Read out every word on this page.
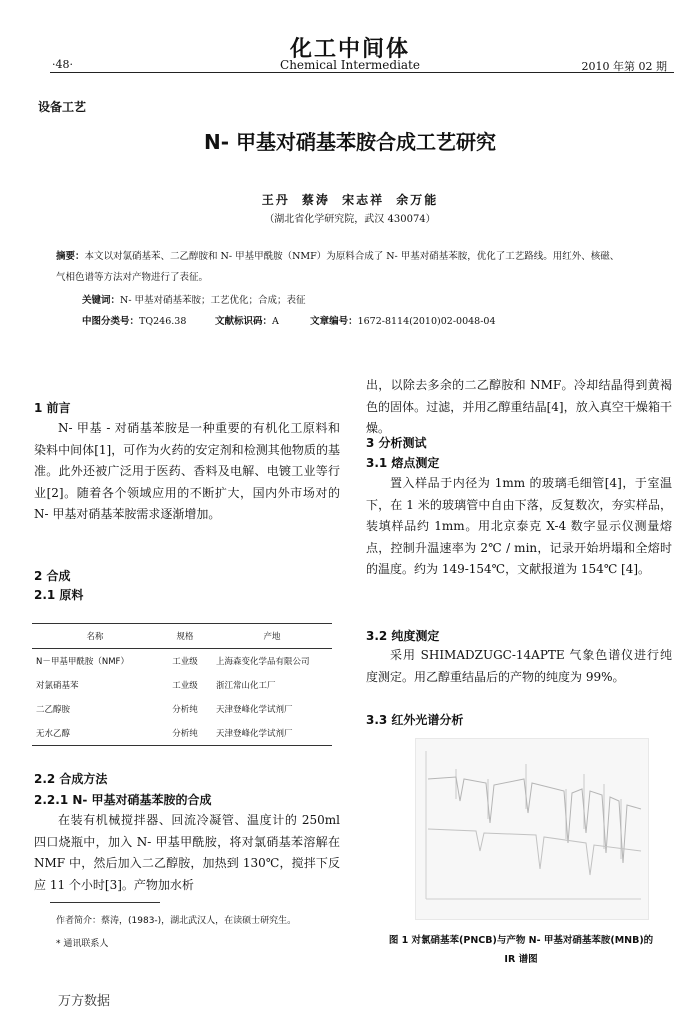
化工中间体
·48·	Chemical Intermediate	2010 年第 02 期
设备工艺
N- 甲基对硝基苯胺合成工艺研究
王丹 蔡涛 宋志祥 余万能
（湖北省化学研究院，武汉 430074）
摘要：本文以对氯硝基苯、二乙醇胺和 N- 甲基甲酰胺（NMF）为原料合成了 N- 甲基对硝基苯胺，优化了工艺路线。用红外、核磁、
气相色谱等方法对产物进行了表征。
关键词：N- 甲基对硝基苯胺；工艺优化；合成；表征
中图分类号：TQ246.38	文献标识码：A	文章编号：1672-8114(2010)02-0048-04
1 前言
N- 甲基 - 对硝基苯胺是一种重要的有机化工原料和染料中间体[1]，可作为火药的安定剂和检测其他物质的基准。此外还被广泛用于医药、香料及电解、电镀工业等行业[2]。随着各个领域应用的不断扩大，国内外市场对的 N- 甲基对硝基苯胺需求逐渐增加。
2 合成
2.1 原料
名称	规格	产地
N－甲基甲酰胺（NMF）	工业级	上海森变化学品有限公司
对氯硝基苯	工业级	浙江常山化工厂
二乙醇胺	分析纯	天津登峰化学试剂厂
无水乙醇	分析纯	天津登峰化学试剂厂
2.2 合成方法
2.2.1 N- 甲基对硝基苯胺的合成
在装有机械搅拌器、回流冷凝管、温度计的 250ml 四口烧瓶中，加入 N- 甲基甲酰胺，将对氯硝基苯溶解在 NMF 中，然后加入二乙醇胺，加热到 130℃，搅拌下反应 11 个小时[3]。产物加水析
作者简介：蔡涛，(1983-)，湖北武汉人，在读硕士研究生。
* 通讯联系人
万方数据
出，以除去多余的二乙醇胺和 NMF。冷却结晶得到黄褐色的固体。过滤，并用乙醇重结晶[4]，放入真空干燥箱干燥。
3 分析测试
3.1 熔点测定
置入样品于内径为 1mm 的玻璃毛细管[4]，于室温下，在 1 米的玻璃管中自由下落，反复数次，夯实样品，装填样品约 1mm。用北京泰克 X-4 数字显示仪测量熔点，控制升温速率为 2℃ / min，记录开始坍塌和全熔时的温度。约为 149-154℃，文献报道为 154℃ [4]。
3.2 纯度测定
采用 SHIMADZUGC-14APTE 气象色谱仪进行纯度测定。用乙醇重结晶后的产物的纯度为 99%。
3.3 红外光谱分析
图 1 对氯硝基苯(PNCB)与产物 N- 甲基对硝基苯胺(MNB)的
IR 谱图
